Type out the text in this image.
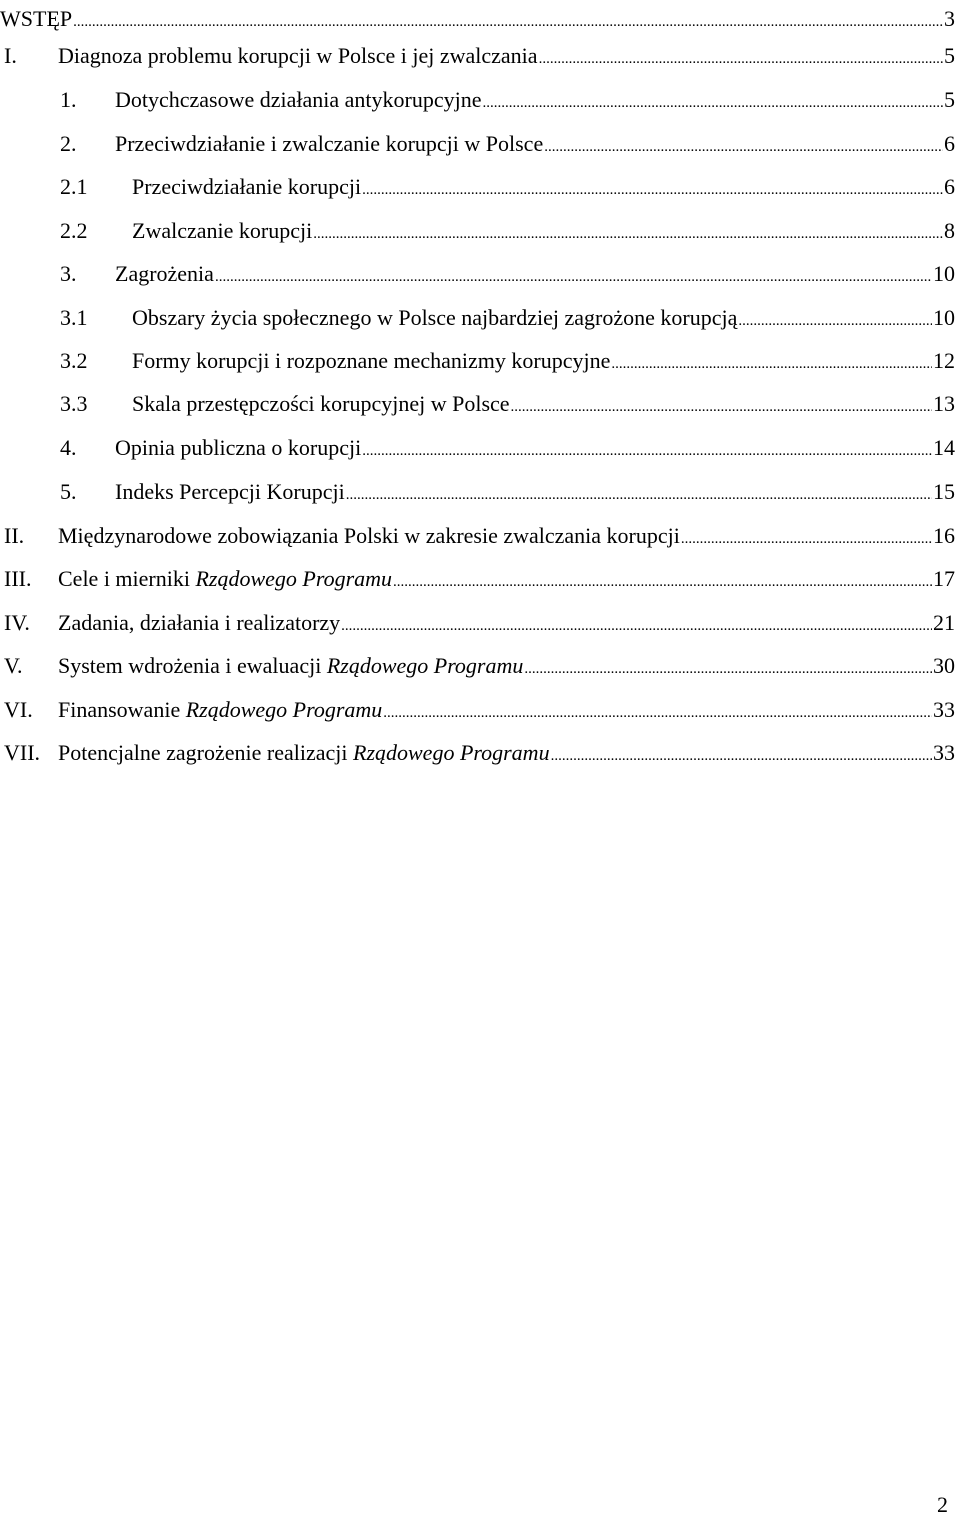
WSTĘP .....	3
I. Diagnoza problemu korupcji w Polsce i jej zwalczania .....	5
1. Dotychczasowe działania antykorupcyjne .....	5
2. Przeciwdziałanie i zwalczanie korupcji w Polsce .....	6
2.1 Przeciwdziałanie korupcji .....	6
2.2 Zwalczanie korupcji .....	8
3. Zagrożenia .....	10
3.1 Obszary życia społecznego w Polsce najbardziej zagrożone korupcją .....	10
3.2 Formy korupcji i rozpoznane mechanizmy korupcyjne .....	12
3.3 Skala przestępczości korupcyjnej w Polsce .....	13
4. Opinia publiczna o korupcji .....	14
5. Indeks Percepcji Korupcji .....	15
II. Międzynarodowe zobowiązania Polski w zakresie zwalczania korupcji .....	16
III. Cele i mierniki Rządowego Programu .....	17
IV. Zadania, działania i realizatorzy .....	21
V. System wdrożenia i ewaluacji Rządowego Programu .....	30
VI. Finansowanie Rządowego Programu .....	33
VII. Potencjalne zagrożenie realizacji Rządowego Programu .....	33
2
